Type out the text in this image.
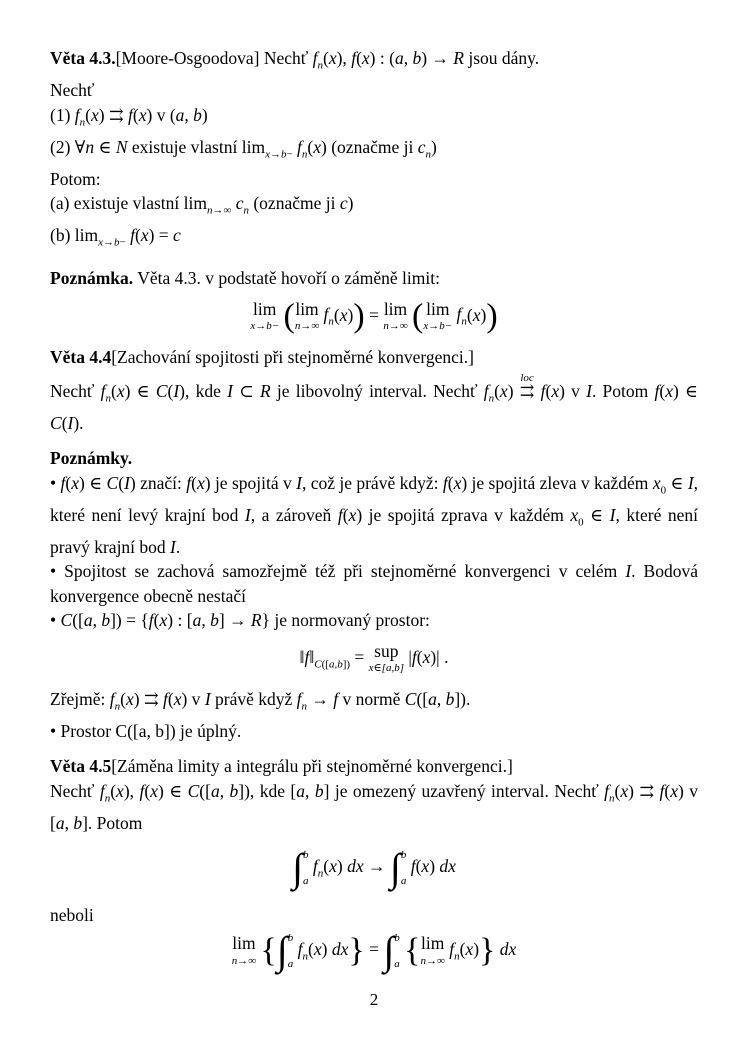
Věta 4.3.[Moore-Osgoodova] Nechť $f_n(x)$, f(x) : (a, b) → R jsou dány.

Nechť

(1) $f_n(x)$ ⇉ f(x) v (a, b)

(2) ∀n ∈ N existuje vlastní $\lim_{x\to b-} f_n(x)$ (označme ji $c_n$)

Potom:

(a) existuje vlastní $\lim_{n\to\infty} c_n$ (označme ji c)

(b) $\lim_{x\to b-} f(x) = c$

Poznámka. Věta 4.3. v podstatě hovoří o záměně limit:

lim
x→b− ( lim
n→∞
$f_n(x)) = \lim$
n→∞ ( lim
x→b−
$f_n(x)$)

Věta 4.4[Zachování spojitosti při stejnoměrné konvergenci.]

Nechť $f_n(x)$ ∈ C(I), kde I ⊂ R je libovolný interval. Nechť $f_n(x)$
loc
⇉ f(x) v I. Potom f(x) ∈ C(I).

Poznámky.

• f(x) ∈ C(I) značí: f(x) je spojitá v I, což je právě když: f(x) je spojitá zleva v každém $x_0$ ∈ I, které není levý krajní bod I, a zároveň f(x) je spojitá zprava v každém $x_0$ ∈ I, které není pravý krajní bod I.

• Spojitost se zachová samozřejmě též při stejnoměrné konvergenci v celém I. Bodová konvergence obecně nestačí

• C([a, b]) = {f(x) : [a, b] → R} je normovaný prostor:

$‖f‖_{C([a,b])}$ = sup
x∈[a,b]
|f(x)| .

Zřejmě: $f_n(x)$ ⇉ f(x) v I právě když $f_n \to f$ v normě C([a, b]).

• Prostor C([a, b]) je úplný.

Věta 4.5[Záměna limity a integrálu při stejnoměrné konvergenci.]

Nechť $f_n(x)$, f(x) ∈ C([a, b]), kde [a, b] je omezený uzavřený interval. Nechť $f_n(x)$ ⇉ f(x) v [a, b]. Potom

∫ b
a
$f_n(x)$ dx → ∫ b
a
f(x) dx

neboli

lim
n→∞ {∫ b
a
$f_n(x) dx$} = ∫ b
a { lim
n→∞
$f_n(x)$} dx
2
